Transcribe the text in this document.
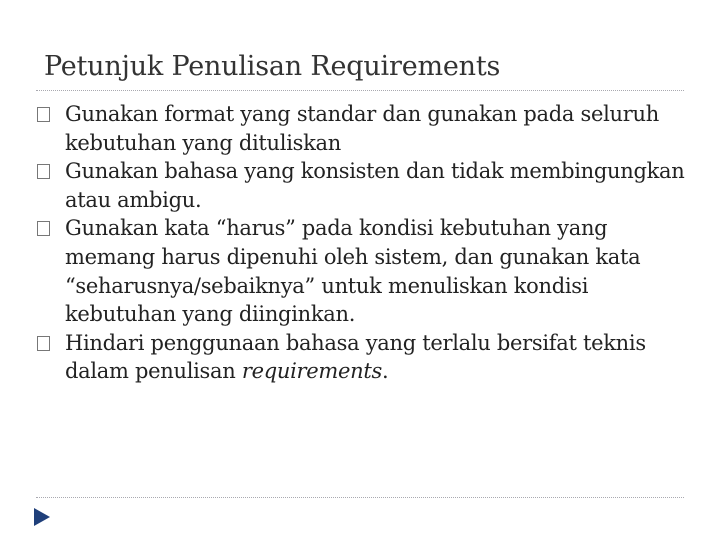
Petunjuk Penulisan Requirements
Gunakan format yang standar dan gunakan pada seluruh kebutuhan yang dituliskan
Gunakan bahasa yang konsisten dan tidak membingungkan atau ambigu.
Gunakan kata “harus” pada kondisi kebutuhan yang memang harus dipenuhi oleh sistem, dan gunakan kata “seharusnya/sebaiknya” untuk menuliskan kondisi kebutuhan yang diinginkan.
Hindari penggunaan bahasa yang terlalu bersifat teknis dalam penulisan requirements.
